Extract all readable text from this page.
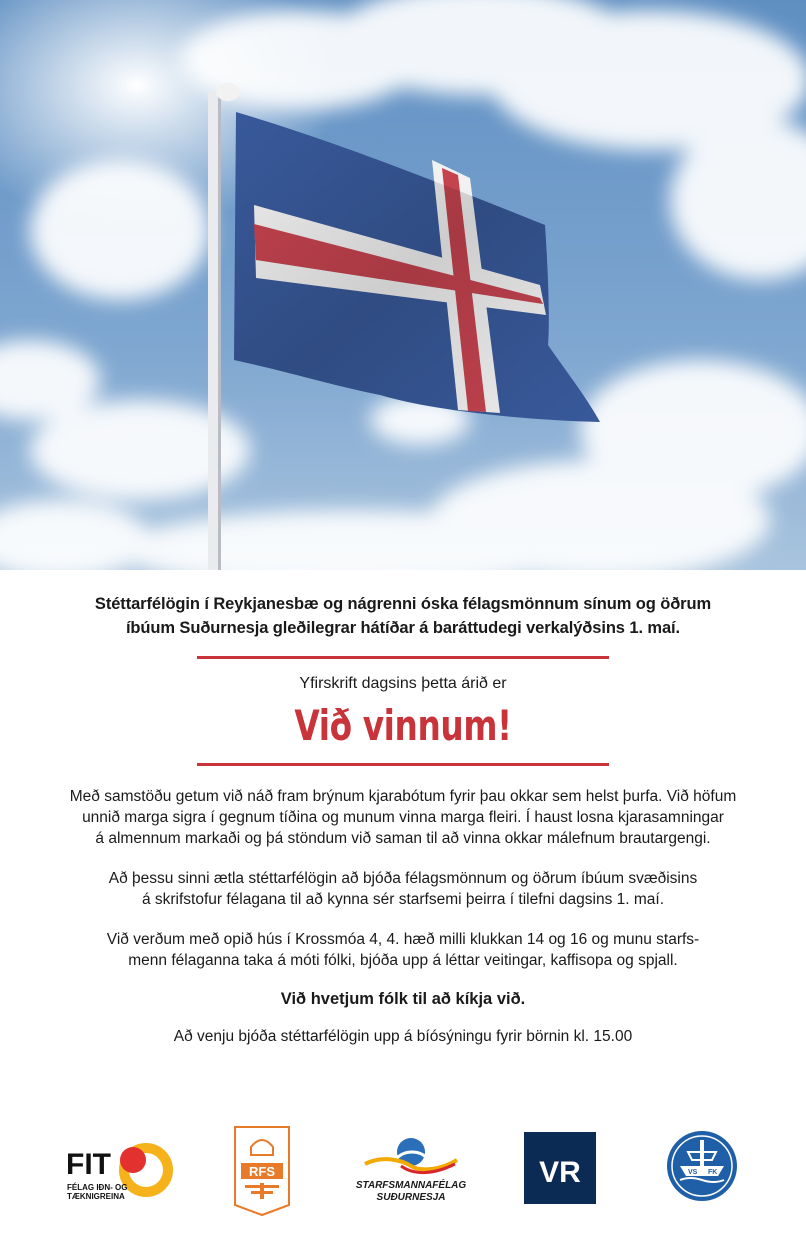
Stéttarfélögin í Reykjanesbæ og nágrenni óska félagsmönnum sínum og öðrum
íbúum Suðurnesja gleðilegrar hátíðar á baráttudegi verkalýðsins 1. maí.
Yfirskrift dagsins þetta árið er
Við vinnum!
Með samstöðu getum við náð fram brýnum kjarabótum fyrir þau okkar sem helst þurfa. Við höfum
unnið marga sigra í gegnum tíðina og munum vinna marga fleiri. Í haust losna kjarasamningar
á almennum markaði og þá stöndum við saman til að vinna okkar málefnum brautargengi.
Að þessu sinni ætla stéttarfélögin að bjóða félagsmönnum og öðrum íbúum svæðisins
á skrifstofur félagana til að kynna sér starfsemi þeirra í tilefni dagsins 1. maí.
Við verðum með opið hús í Krossmóa 4, 4. hæð milli klukkan 14 og 16 og munu starfs-
menn félaganna taka á móti fólki, bjóða upp á léttar veitingar, kaffisopa og spjall.
Við hvetjum fólk til að kíkja við.
Að venju bjóða stéttarfélögin upp á bíósýningu fyrir börnin kl. 15.00
FIT
FÉLAG IÐN- OG
TÆKNIGREINA
RFS
STARFSMANNAFÉLAG
SUÐURNESJA
VR	VS FK
